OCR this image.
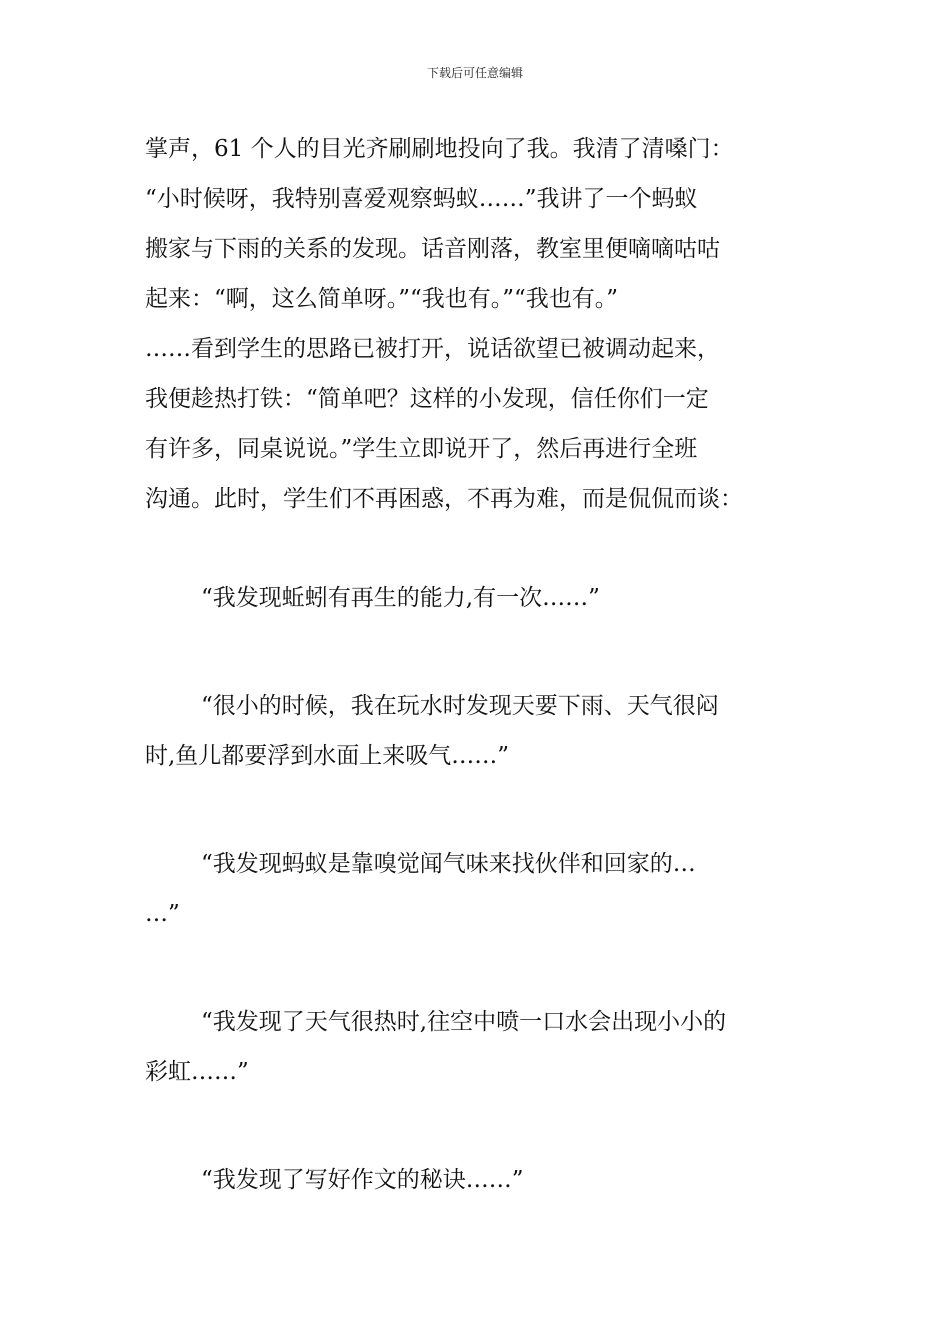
下载后可任意编辑

掌声，61 个人的目光齐刷刷地投向了我。我清了清嗓门：

“小时候呀，我特别喜爱观察蚂蚁……”我讲了一个蚂蚁

搬家与下雨的关系的发现。话音刚落，教室里便嘀嘀咕咕

起来：“啊，这么简单呀。”“我也有。”“我也有。”

……看到学生的思路已被打开，说话欲望已被调动起来，

我便趁热打铁：“简单吧？这样的小发现，信任你们一定

有许多，同桌说说。”学生立即说开了，然后再进行全班

沟通。此时，学生们不再困惑，不再为难，而是侃侃而谈：

“我发现蚯蚓有再生的能力,有一次……”

“很小的时候，我在玩水时发现天要下雨、天气很闷

时,鱼儿都要浮到水面上来吸气……”

“我发现蚂蚁是靠嗅觉闻气味来找伙伴和回家的…

…”

“我发现了天气很热时,往空中喷一口水会出现小小的

彩虹……”

“我发现了写好作文的秘诀……”
